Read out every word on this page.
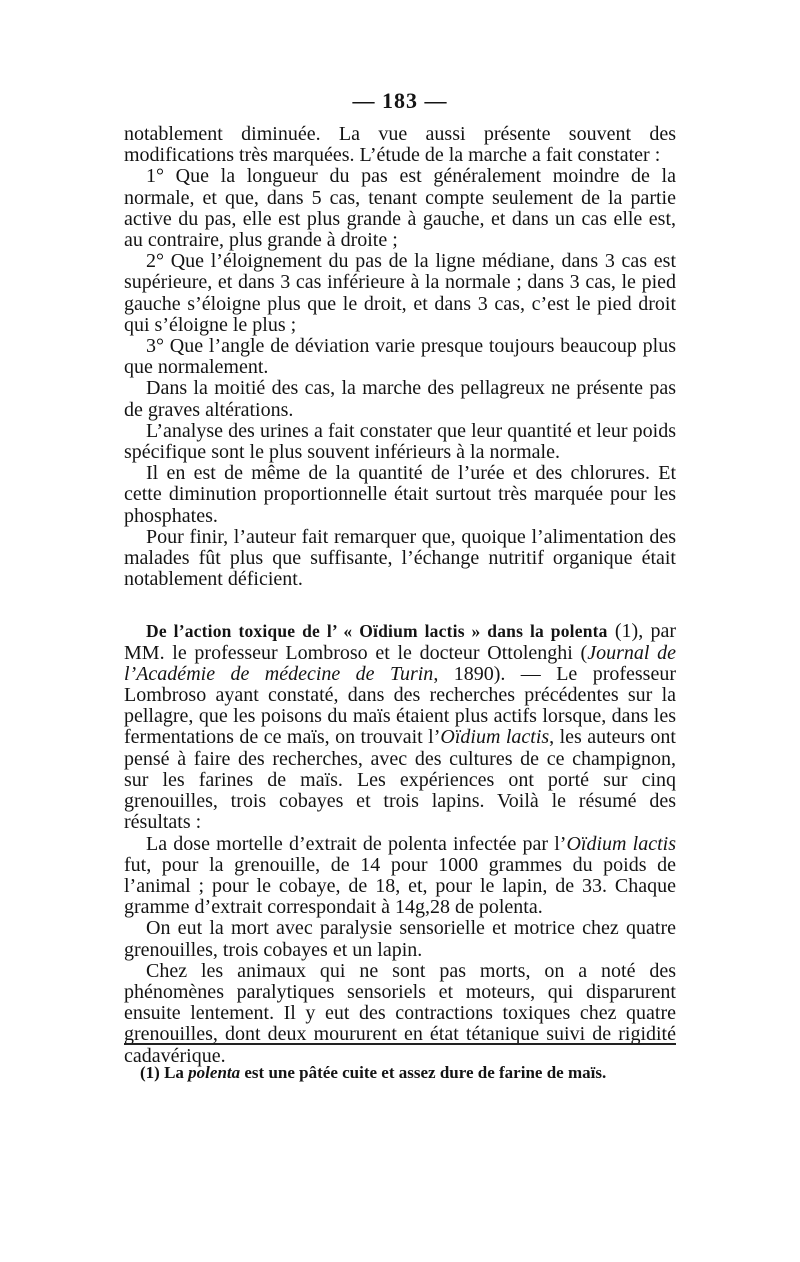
— 183 —

notablement diminuée. La vue aussi présente souvent des modifications très marquées. L’étude de la marche a fait constater :

1° Que la longueur du pas est généralement moindre de la normale, et que, dans 5 cas, tenant compte seulement de la partie active du pas, elle est plus grande à gauche, et dans un cas elle est, au contraire, plus grande à droite ;

2° Que l’éloignement du pas de la ligne médiane, dans 3 cas est supérieure, et dans 3 cas inférieure à la normale ; dans 3 cas, le pied gauche s’éloigne plus que le droit, et dans 3 cas, c’est le pied droit qui s’éloigne le plus ;

3° Que l’angle de déviation varie presque toujours beaucoup plus que normalement.

Dans la moitié des cas, la marche des pellagreux ne présente pas de graves altérations.

L’analyse des urines a fait constater que leur quantité et leur poids spécifique sont le plus souvent inférieurs à la normale.

Il en est de même de la quantité de l’urée et des chlorures. Et cette diminution proportionnelle était surtout très marquée pour les phosphates.

Pour finir, l’auteur fait remarquer que, quoique l’alimentation des malades fût plus que suffisante, l’échange nutritif organique était notablement déficient.

De l’action toxique de l’ « Oïdium lactis » dans la polenta (1), par MM. le professeur Lombroso et le docteur Ottolenghi (Journal de l’Académie de médecine de Turin, 1890). — Le professeur Lombroso ayant constaté, dans des recherches précédentes sur la pellagre, que les poisons du maïs étaient plus actifs lorsque, dans les fermentations de ce maïs, on trouvait l’Oïdium lactis, les auteurs ont pensé à faire des recherches, avec des cultures de ce champignon, sur les farines de maïs. Les expériences ont porté sur cinq grenouilles, trois cobayes et trois lapins. Voilà le résumé des résultats :

La dose mortelle d’extrait de polenta infectée par l’Oïdium lactis fut, pour la grenouille, de 14 pour 1000 grammes du poids de l’animal ; pour le cobaye, de 18, et, pour le lapin, de 33. Chaque gramme d’extrait correspondait à 14g,28 de polenta.

On eut la mort avec paralysie sensorielle et motrice chez quatre grenouilles, trois cobayes et un lapin.

Chez les animaux qui ne sont pas morts, on a noté des phénomènes paralytiques sensoriels et moteurs, qui disparurent ensuite lentement. Il y eut des contractions toxiques chez quatre grenouilles, dont deux moururent en état tétanique suivi de rigidité cadavérique.

(1) La polenta est une pâtée cuite et assez dure de farine de maïs.
